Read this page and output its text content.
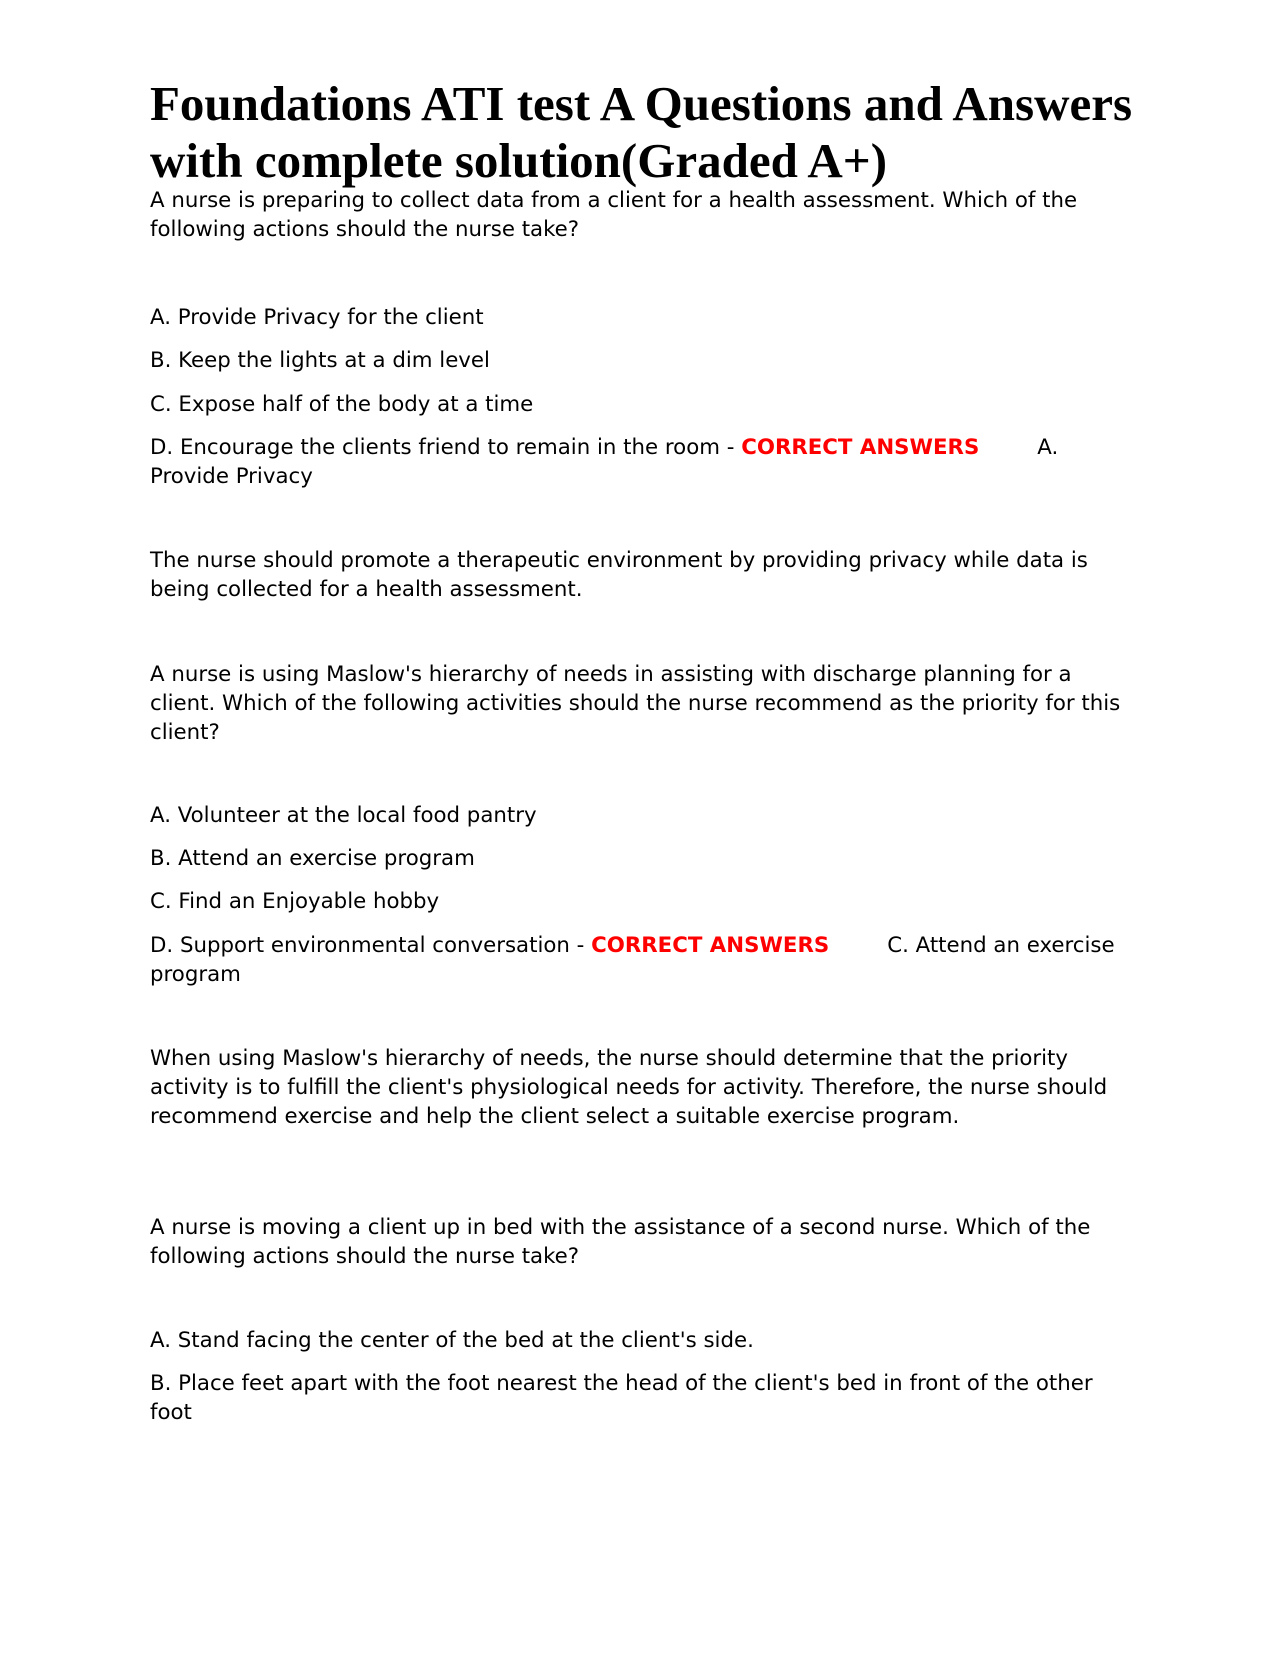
Foundations ATI test A Questions and Answers with complete solution(Graded A+)

A nurse is preparing to collect data from a client for a health assessment. Which of the following actions should the nurse take?

A. Provide Privacy for the client

B. Keep the lights at a dim level

C. Expose half of the body at a time

D. Encourage the clients friend to remain in the room - CORRECT ANSWERS	A. Provide Privacy

The nurse should promote a therapeutic environment by providing privacy while data is being collected for a health assessment.

A nurse is using Maslow's hierarchy of needs in assisting with discharge planning for a client. Which of the following activities should the nurse recommend as the priority for this client?

A. Volunteer at the local food pantry

B. Attend an exercise program

C. Find an Enjoyable hobby

D. Support environmental conversation - CORRECT ANSWERS	C. Attend an exercise program

When using Maslow's hierarchy of needs, the nurse should determine that the priority activity is to fulfill the client's physiological needs for activity. Therefore, the nurse should recommend exercise and help the client select a suitable exercise program.

A nurse is moving a client up in bed with the assistance of a second nurse. Which of the following actions should the nurse take?

A. Stand facing the center of the bed at the client's side.

B. Place feet apart with the foot nearest the head of the client's bed in front of the other foot
